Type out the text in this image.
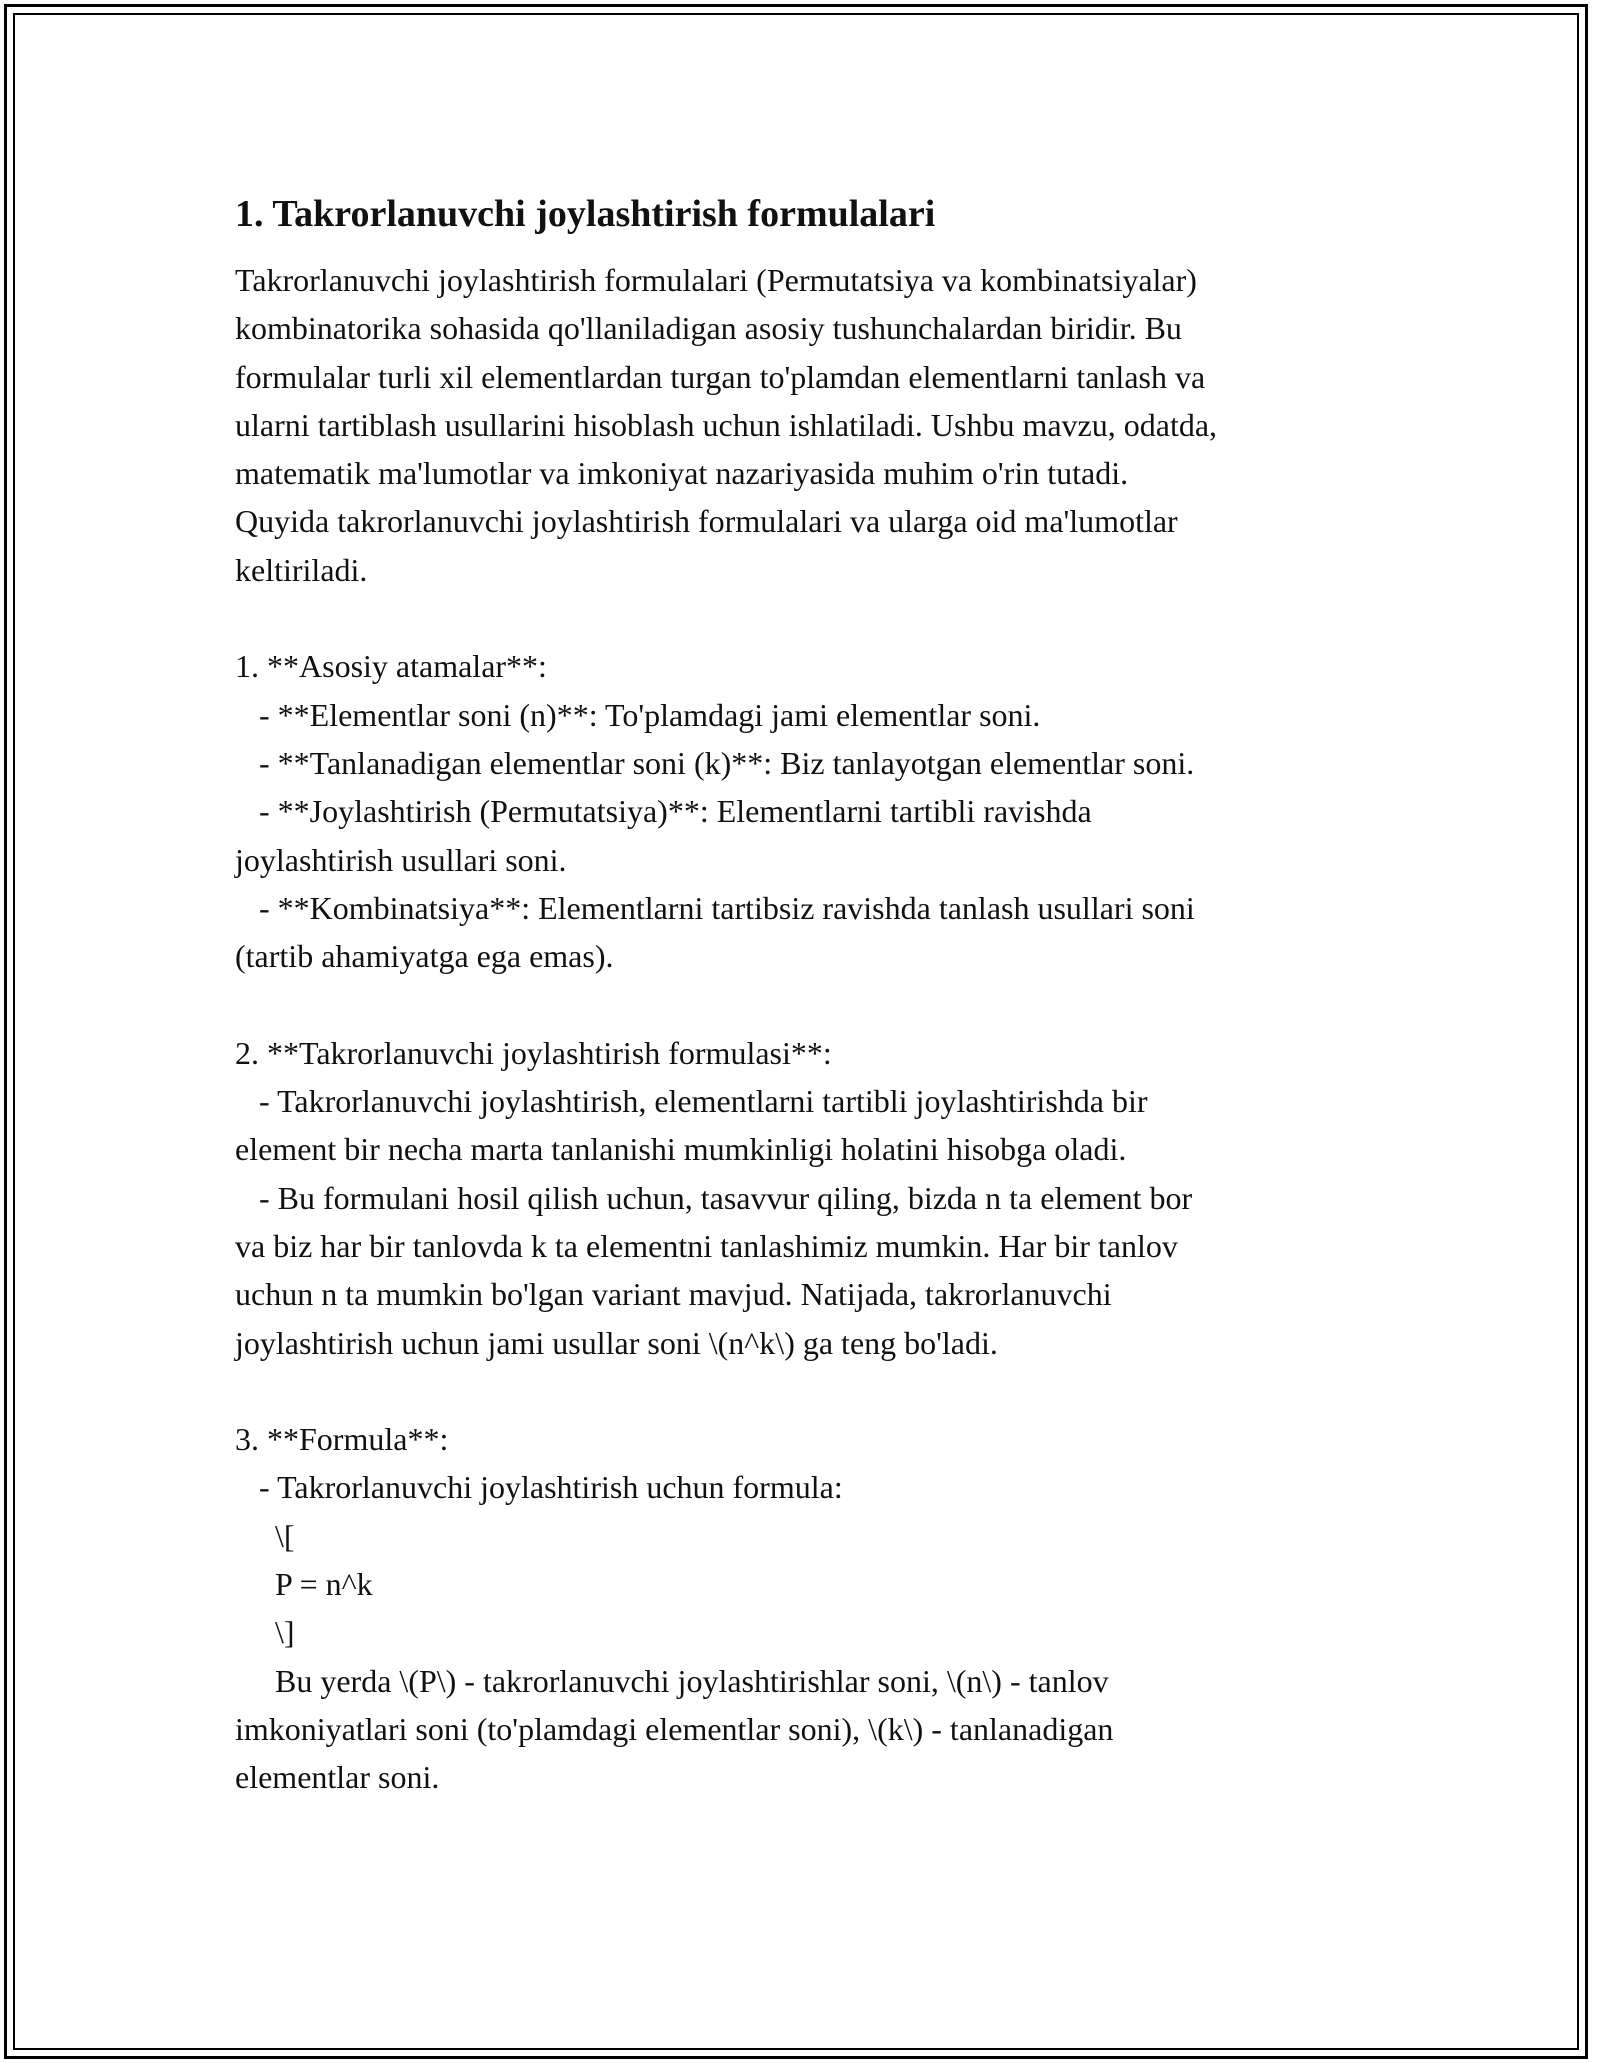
1. Takrorlanuvchi joylashtirish formulalari

Takrorlanuvchi joylashtirish formulalari (Permutatsiya va kombinatsiyalar)
kombinatorika sohasida qo'llaniladigan asosiy tushunchalardan biridir. Bu
formulalar turli xil elementlardan turgan to'plamdan elementlarni tanlash va
ularni tartiblash usullarini hisoblash uchun ishlatiladi. Ushbu mavzu, odatda,
matematik ma'lumotlar va imkoniyat nazariyasida muhim o'rin tutadi.
Quyida takrorlanuvchi joylashtirish formulalari va ularga oid ma'lumotlar
keltiriladi.

1. **Asosiy atamalar**:
- **Elementlar soni (n)**: To'plamdagi jami elementlar soni.
- **Tanlanadigan elementlar soni (k)**: Biz tanlayotgan elementlar soni.
- **Joylashtirish (Permutatsiya)**: Elementlarni tartibli ravishda
joylashtirish usullari soni.
- **Kombinatsiya**: Elementlarni tartibsiz ravishda tanlash usullari soni
(tartib ahamiyatga ega emas).

2. **Takrorlanuvchi joylashtirish formulasi**:
- Takrorlanuvchi joylashtirish, elementlarni tartibli joylashtirishda bir
element bir necha marta tanlanishi mumkinligi holatini hisobga oladi.
- Bu formulani hosil qilish uchun, tasavvur qiling, bizda n ta element bor
va biz har bir tanlovda k ta elementni tanlashimiz mumkin. Har bir tanlov
uchun n ta mumkin bo'lgan variant mavjud. Natijada, takrorlanuvchi
joylashtirish uchun jami usullar soni \(n^k\) ga teng bo'ladi.

3. **Formula**:
- Takrorlanuvchi joylashtirish uchun formula:
\[
P = n^k
\]
Bu yerda \(P\) - takrorlanuvchi joylashtirishlar soni, \(n\) - tanlov
imkoniyatlari soni (to'plamdagi elementlar soni), \(k\) - tanlanadigan
elementlar soni.
